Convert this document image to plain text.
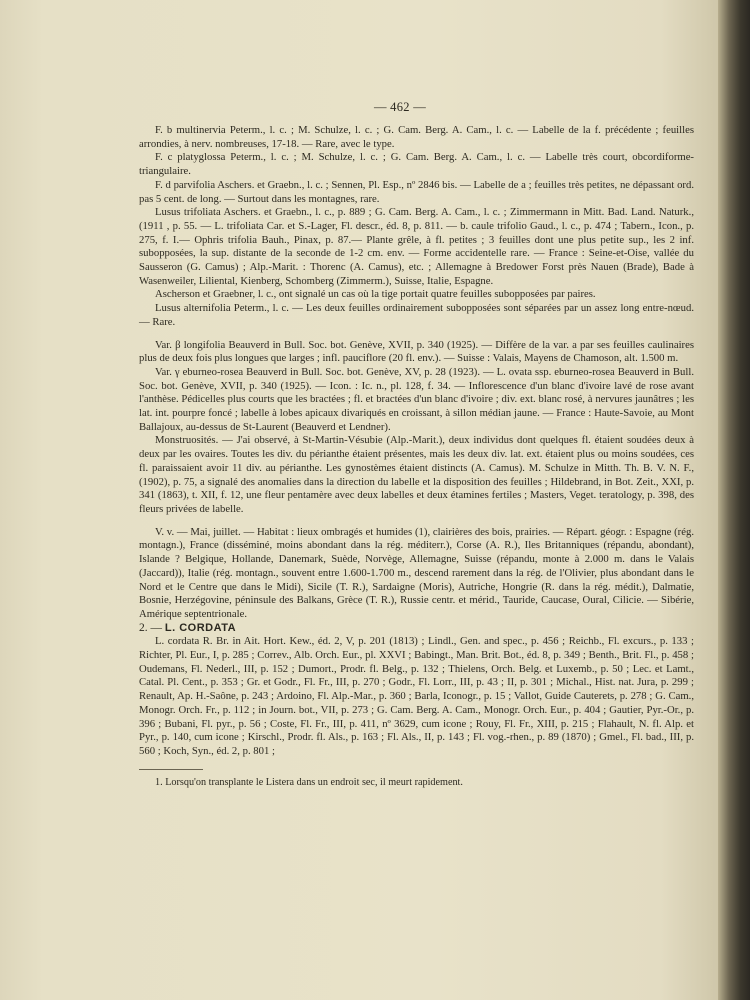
— 462 —

F. b multinervia Peterm., l. c. ; M. Schulze, l. c. ; G. Cam. Berg. A. Cam., l. c. — Labelle de la f. précédente ; feuilles arrondies, à nerv. nombreuses, 17-18. — Rare, avec le type.

F. c platyglossa Peterm., l. c. ; M. Schulze, l. c. ; G. Cam. Berg. A. Cam., l. c. — Labelle très court, obcordiforme-triangulaire.

F. d parvifolia Aschers. et Graebn., l. c. ; Sennen, Pl. Esp., nº 2846 bis. — Labelle de a ; feuilles très petites, ne dépassant ord. pas 5 cent. de long. — Surtout dans les montagnes, rare.

Lusus trifoliata Aschers. et Graebn., l. c., p. 889 ; G. Cam. Berg. A. Cam., l. c. ; Zimmermann in Mitt. Bad. Land. Naturk., (1911 , p. 55. — L. trifoliata Car. et S.-Lager, Fl. descr., éd. 8, p. 811. — b. caule trifolio Gaud., l. c., p. 474 ; Tabern., Icon., p. 275, f. I.— Ophris trifolia Bauh., Pinax, p. 87.— Plante grêle, à fl. petites ; 3 feuilles dont une plus petite sup., les 2 inf. subopposées, la sup. distante de la seconde de 1-2 cm. env. — Forme accidentelle rare. — France : Seine-et-Oise, vallée du Sausseron (G. Camus) ; Alp.-Marit. : Thorenc (A. Camus), etc. ; Allemagne à Bredower Forst près Nauen (Brade), Bade à Wasenweiler, Liliental, Kienberg, Schomberg (Zimmerm.), Suisse, Italie, Espagne.

Ascherson et Graebner, l. c., ont signalé un cas où la tige portait quatre feuilles subopposées par paires.

Lusus alternifolia Peterm., l. c. — Les deux feuilles ordinairement subopposées sont séparées par un assez long entre-nœud. — Rare.

Var. β longifolia Beauverd in Bull. Soc. bot. Genève, XVII, p. 340 (1925). — Diffère de la var. a par ses feuilles caulinaires plus de deux fois plus longues que larges ; infl. pauciflore (20 fl. env.). — Suisse : Valais, Mayens de Chamoson, alt. 1.500 m.

Var. γ eburneo-rosea Beauverd in Bull. Soc. bot. Genève, XV, p. 28 (1923). — L. ovata ssp. eburneo-rosea Beauverd in Bull. Soc. bot. Genève, XVII, p. 340 (1925). — Icon. : Ic. n., pl. 128, f. 34. — Inflorescence d'un blanc d'ivoire lavé de rose avant l'anthèse. Pédicelles plus courts que les bractées ; fl. et bractées d'un blanc d'ivoire ; div. ext. blanc rosé, à nervures jaunâtres ; les lat. int. pourpre foncé ; labelle à lobes apicaux divariqués en croissant, à sillon médian jaune. — France : Haute-Savoie, au Mont Ballajoux, au-dessus de St-Laurent (Beauverd et Lendner).

Monstruosités. — J'ai observé, à St-Martin-Vésubie (Alp.-Marit.), deux individus dont quelques fl. étaient soudées deux à deux par les ovaires. Toutes les div. du périanthe étaient présentes, mais les deux div. lat. ext. étaient plus ou moins soudées, ces fl. paraissaient avoir 11 div. au périanthe. Les gynostèmes étaient distincts (A. Camus). M. Schulze in Mitth. Th. B. V. N. F., (1902), p. 75, a signalé des anomalies dans la direction du labelle et la disposition des feuilles ; Hildebrand, in Bot. Zeit., XXI, p. 341 (1863), t. XII, f. 12, une fleur pentamère avec deux labelles et deux étamines fertiles ; Masters, Veget. teratology, p. 398, des fleurs privées de labelle.

V. v. — Mai, juillet. — Habitat : lieux ombragés et humides (1), clairières des bois, prairies. — Répart. géogr. : Espagne (rég. montagn.), France (disséminé, moins abondant dans la rég. méditerr.), Corse (A. R.), Iles Britanniques (répandu, abondant), Islande ? Belgique, Hollande, Danemark, Suède, Norvège, Allemagne, Suisse (répandu, monte à 2.000 m. dans le Valais (Jaccard)), Italie (rég. montagn., souvent entre 1.600-1.700 m., descend rarement dans la rég. de l'Olivier, plus abondant dans le Nord et le Centre que dans le Midi), Sicile (T. R.), Sardaigne (Moris), Autriche, Hongrie (R. dans la rég. médit.), Dalmatie, Bosnie, Herzégovine, péninsule des Balkans, Grèce (T. R.), Russie centr. et mérid., Tauride, Caucase, Oural, Cilicie. — Sibérie, Amérique septentrionale.

2. — L. CORDATA

L. cordata R. Br. in Ait. Hort. Kew., éd. 2, V, p. 201 (1813) ; Lindl., Gen. and spec., p. 456 ; Reichb., Fl. excurs., p. 133 ; Richter, Pl. Eur., I, p. 285 ; Correv., Alb. Orch. Eur., pl. XXVI ; Babingt., Man. Brit. Bot., éd. 8, p. 349 ; Benth., Brit. Fl., p. 458 ; Oudemans, Fl. Nederl., III, p. 152 ; Dumort., Prodr. fl. Belg., p. 132 ; Thielens, Orch. Belg. et Luxemb., p. 50 ; Lec. et Lamt., Catal. Pl. Cent., p. 353 ; Gr. et Godr., Fl. Fr., III, p. 270 ; Godr., Fl. Lorr., III, p. 43 ; II, p. 301 ; Michal., Hist. nat. Jura, p. 299 ; Renault, Ap. H.-Saône, p. 243 ; Ardoino, Fl. Alp.-Mar., p. 360 ; Barla, Iconogr., p. 15 ; Vallot, Guide Cauterets, p. 278 ; G. Cam., Monogr. Orch. Fr., p. 112 ; in Journ. bot., VII, p. 273 ; G. Cam. Berg. A. Cam., Monogr. Orch. Eur., p. 404 ; Gautier, Pyr.-Or., p. 396 ; Bubani, Fl. pyr., p. 56 ; Coste, Fl. Fr., III, p. 411, nº 3629, cum icone ; Rouy, Fl. Fr., XIII, p. 215 ; Flahault, N. fl. Alp. et Pyr., p. 140, cum icone ; Kirschl., Prodr. fl. Als., p. 163 ; Fl. Als., II, p. 143 ; Fl. vog.-rhen., p. 89 (1870) ; Gmel., Fl. bad., III, p. 560 ; Koch, Syn., éd. 2, p. 801 ;

1. Lorsqu'on transplante le Listera dans un endroit sec, il meurt rapidement.
